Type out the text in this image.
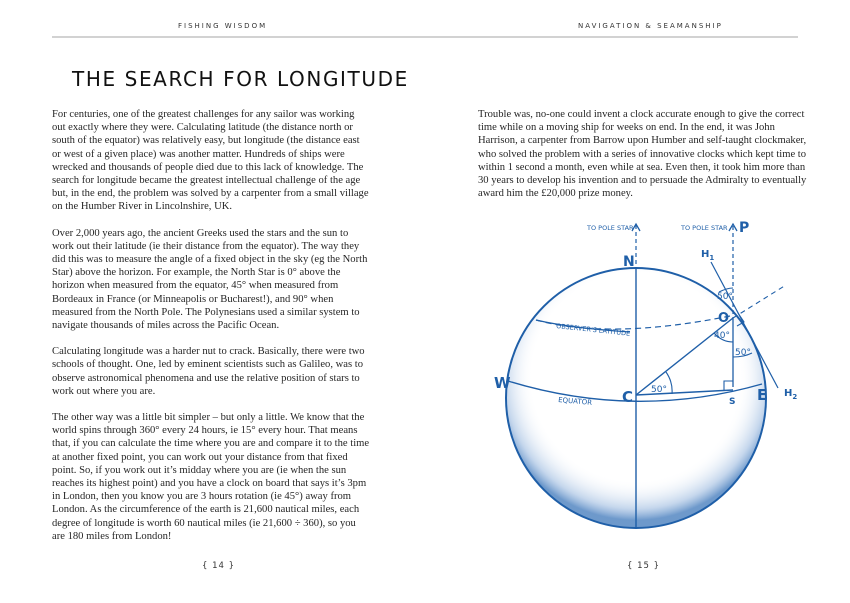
FISHING WISDOM	NAVIGATION & SEAMANSHIP
THE SEARCH FOR LONGITUDE

For centuries, one of the greatest challenges for any sailor was working out exactly where they were. Calculating latitude (the distance north or south of the equator) was relatively easy, but longitude (the distance east or west of a given place) was another matter. Hundreds of ships were wrecked and thousands of people died due to this lack of knowledge. The search for longitude became the greatest intellectual challenge of the age but, in the end, the problem was solved by a carpenter from a small village on the Humber River in Lincolnshire, UK.

Over 2,000 years ago, the ancient Greeks used the stars and the sun to work out their latitude (ie their distance from the equator). The way they did this was to measure the angle of a fixed object in the sky (eg the North Star) above the horizon. For example, the North Star is 0° above the horizon when measured from the equator, 45° when measured from Bordeaux in France (or Minneapolis or Bucharest!), and 90° when measured from the North Pole. The Polynesians used a similar system to navigate thousands of miles across the Pacific Ocean.

Calculating longitude was a harder nut to crack. Basically, there were two schools of thought. One, led by eminent scientists such as Galileo, was to observe astronomical phenomena and use the relative position of stars to work out where you are.

The other way was a little bit simpler – but only a little. We know that the world spins through 360° every 24 hours, ie 15° every hour. That means that, if you can calculate the time where you are and compare it to the time at another fixed point, you can work out your distance from that fixed point. So, if you work out it’s midday where you are (ie when the sun reaches its highest point) and you have a clock on board that says it’s 3pm in London, then you know you are 3 hours rotation (ie 45°) away from London. As the circumference of the earth is 21,600 nautical miles, each degree of longitude is worth 60 nautical miles (ie 21,600 ÷ 360), so you are 180 miles from London!

Trouble was, no-one could invent a clock accurate enough to give the correct time while on a moving ship for weeks on end. In the end, it was John Harrison, a carpenter from Barrow upon Humber and self-taught clockmaker, who solved the problem with a series of innovative clocks which kept time to within 1 second a month, even while at sea. Even then, it took him more than 30 years to develop his invention and to persuade the Admiralty to eventually award him the £20,000 prize money.

TO POLE STAR	TO POLE STAR P
N	$H_1$
$H_2$
O
W
E
C	S
OBSERVER'S LATITUDE
EQUATOR
50°
40°
50°
50°
{ 14 }	{ 15 }
